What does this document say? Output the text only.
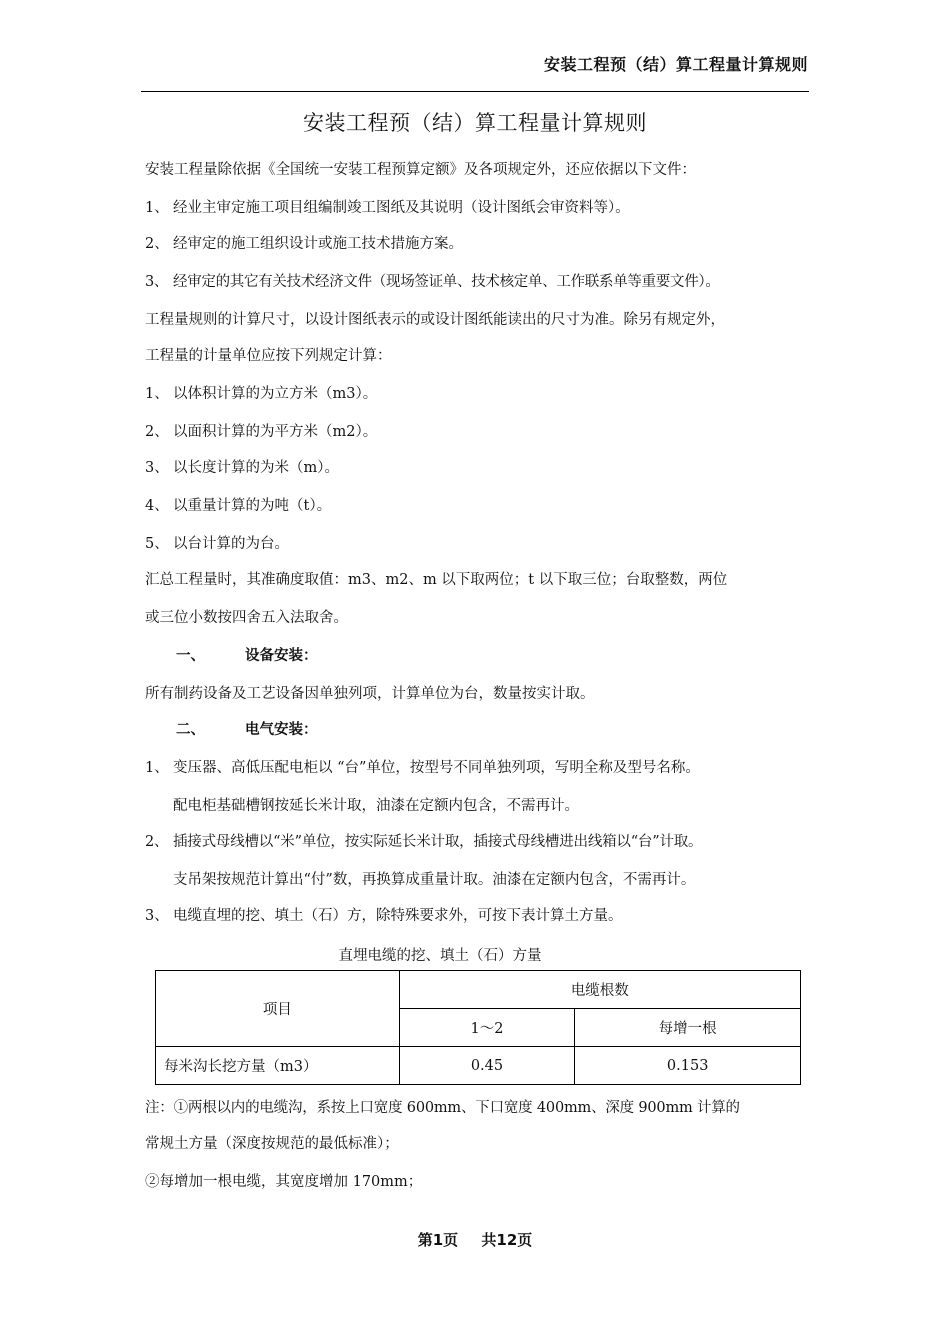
安装工程预（结）算工程量计算规则
安装工程预（结）算工程量计算规则
安装工程量除依据《全国统一安装工程预算定额》及各项规定外，还应依据以下文件：
1、 经业主审定施工项目组编制竣工图纸及其说明（设计图纸会审资料等）。
2、 经审定的施工组织设计或施工技术措施方案。
3、 经审定的其它有关技术经济文件（现场签证单、技术核定单、工作联系单等重要文件）。
工程量规则的计算尺寸，以设计图纸表示的或设计图纸能读出的尺寸为准。除另有规定外，
工程量的计量单位应按下列规定计算：
1、 以体积计算的为立方米（m3）。
2、 以面积计算的为平方米（m2）。
3、 以长度计算的为米（m）。
4、 以重量计算的为吨（t）。
5、 以台计算的为台。
汇总工程量时，其准确度取值：m3、m2、m 以下取两位；t 以下取三位；台取整数，两位
或三位小数按四舍五入法取舍。
一、	设备安装：
所有制药设备及工艺设备因单独列项，计算单位为台，数量按实计取。
二、	电气安装：
1、 变压器、高低压配电柜以 “台”单位，按型号不同单独列项，写明全称及型号名称。
配电柜基础槽钢按延长米计取，油漆在定额内包含，不需再计。
2、 插接式母线槽以“米”单位，按实际延长米计取，插接式母线槽进出线箱以“台”计取。
支吊架按规范计算出“付”数，再换算成重量计取。油漆在定额内包含，不需再计。
3、 电缆直埋的挖、填土（石）方，除特殊要求外，可按下表计算土方量。
直埋电缆的挖、填土（石）方量
项目	电缆根数	
	1～2	每增一根
每米沟长挖方量（m3）	0.45	0.153
注：①两根以内的电缆沟，系按上口宽度 600mm、下口宽度 400mm、深度 900mm 计算的
常规土方量（深度按规范的最低标准）；
②每增加一根电缆，其宽度增加 170mm；
第1页 共12页
